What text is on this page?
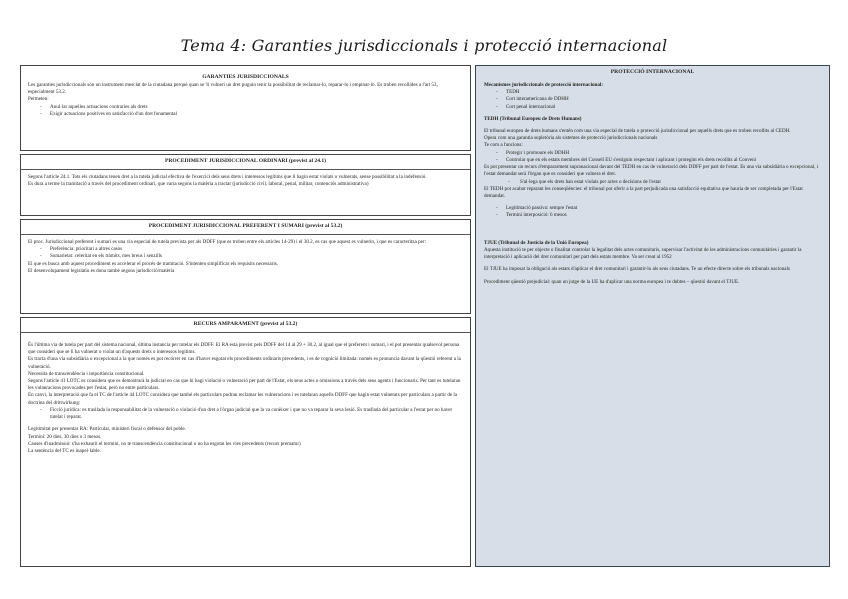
Tema 4: Garanties jurisdiccionals i protecció internacional
GARANTIES JURISDICCIONALS

Les garanties jurisdiccionals són un instrument mesclat de la ciutadana perquè quan se 'li vulneri un dret puguin tenir la possibilitat de reclamar-lo, reparar-lo i empinar-lo. Es troben recollides a l'art 53, especialment 53.2.

Permeten:

- Anul·lar aquelles actuacions contraries als drets
- Exigir actuacions positives en satisfacció d'un dret fonamental
PROCEDIMENT JURISDICCIONAL ORDINARI (previst al 24.1)

Segons l'article 24.1. Tots els ciutadans tenen dret a la tutela judicial efectiva de l'exercici dels seus drets i interessos legítims que li hagin estat violats o vulnerats, sense possibilitat a la indefensió.

Es dura a terme la tramitació a través del procediment ordinari, que varia segons la matèria a tractar (jurisdicció civil, laboral, penal, militar, contenciós administrativa)

PROCEDIMENT JURISDICCIONAL PREFERENT I SUMARI (previst al 53.2)

El proc. Jurisdiccional preferent i sumari es una via especial de tutela prevista per als DDFF (que es troben entre els articles 14-29) i el 30.2, es cas que aquest es vulnerin, i que es caracteritza per:

- Preferència: prioritari a altres casos
- Sumarietat: celeritat en els tràmits, mes breus i senzills

El que es busca amb aquest procediment es accelerar el procés de tramitació. S'intenten simplificar els requisits necessaris.

El desenvolupament legislatiu es dona també segons jurisdicció/matèria

RECURS AMPARAMENT (previst al 53.2)

És l'última via de tutela per part del sistema nacional, última instancia per tutelar els DDFF. El RA esta previst pels DDFF del 14 al 29 + 30.2, al igual que el preferent i sumari, i el pot presentar qualsevol persona que consideri que se li ha vulnerat o violat un d'aquests drets o interessos legítims.

Es tracta d'una via subsidiària o excepcional a la que només es pot recórrer en cas d'haver esgotat els procediments ordinaris precedents, i es de cognició limitada: només es pronuncia davant la qüestió referent a la vulneració.

Necessita de transcendència i importància constitucional.

Segons l'article 41 LOTC es considera que es demostrarà la judicial en cas que hi hagi violació o vulneració per part de l'Estat, els seus actes o omissions a través dels seus agents i funcionaris. Per tant es tutelaran les vulneracions provocades per l'estat, però no entre particulars.

En canvi, la interpretació que fa el TC de l'article 44 LOTC considera que també els particulars podran reclamar les vulneracions i es tutelaran aquells DDFF que hagin estat vulnerats per particulars a partir de la doctrina del drittwirkung:

- Ficció jurídica: es trasllada la responsabilitat de la vulneració o violació d'un dret a l'òrgan judicial que la va conèixer i que no va reparar la seva lesió. Es trasllada del particular a l'estat per no haver tutelat i reparat.

Legitimitat per presentar RA: Particular, ministeri fiscal o defensor del poble.

Termini: 20 dies, 30 dies o 3 mesos.

Causes d'inadmissió: s'ha exhaurit el termini, no te transcendència constitucional o no ha esgotat les vies precedents (recurs prematur)

La sentència del TC es inapel·lable.

PROTECCIÓ INTERNACIONAL

Mecanismes jurisdiccionals de protecció internacional:

- TEDH
- Cort interamericana de DDHH
- Cort penal internacional

TEDH (Tribunal Europeu de Drets Humans)

El tribunal europeu de drets humans s'entén com una via especial de tutela o protecció jurisdiccional per aquells drets que es troben recollits al CEDH.

Opera com una garantia supletòria als sistemes de protecció jurisdiccionals nacionals

Te com a funcions:

- Protegir i promoure els DDHH
- Controlar que en els estats membres del Consell EU s'estiguin respectant i aplicant i protegint els drets recollits al Conveni

Es pot presentar un recurs d'empararment supranacional davant del TEDH en cas de vulneració dels DDFF per part de l'estat. Es una via subsidiària o excepcional, i l'estat demandat serà l'òrgan que es consideri que vulnera el dret.

- S'al·lega que els drets han estat violats per actes o decisions de l'estat

El TEDH pot acabar reparant les conseqüències: el tribunal pot oferir a la part perjudicada una satisfacció equitativa que hauria de ser completada per l'Estat demandat.

- Legitimació passiva: sempre l'estat
- Termini interposició: 6 mesos

TJUE (Tribunal de Justícia de la Unió Europea)

Aquesta institució te per objecte o finalitat controlar la legalitat dels actes comunitaris, supervisar l'activitat de les administracions comunitàries i garantir la interpretació i aplicació del dret comunitari per part dels estats membre. Va ser creat al 1952

El TJUE ha imposat la obligació als estats d'aplicar el dret comunitari i garantir-lo als seus ciutadans. Te un efecte directe sobre els tribunals nacionals

Procediment qüestió prejudicial: quan un jutge de la UE ha d'aplicar una norma europea i te dubtes – qüestió davant el TJUE.
